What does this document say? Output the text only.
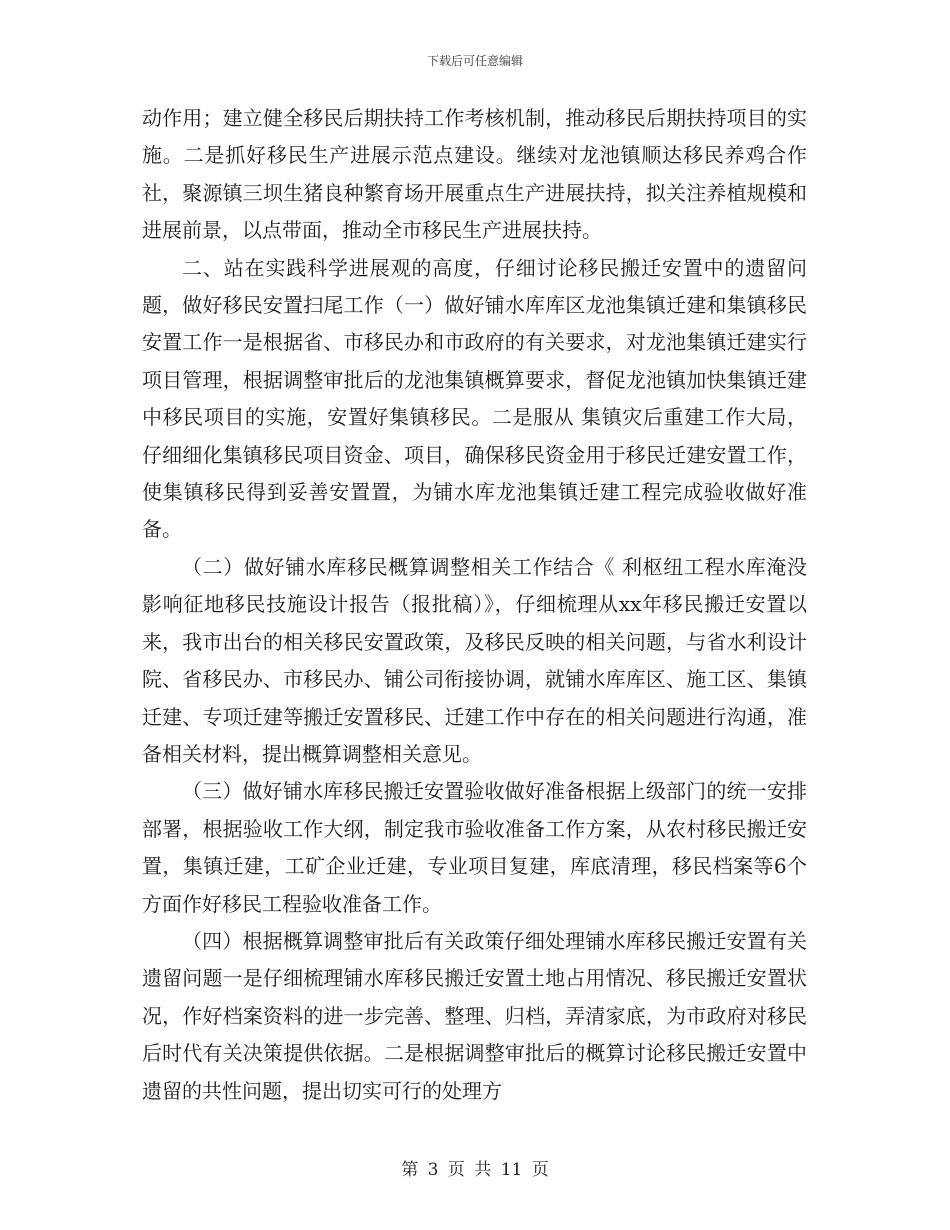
下载后可任意编辑

动作用；建立健全移民后期扶持工作考核机制，推动移民后期扶持项目的实施。二是抓好移民生产进展示范点建设。继续对龙池镇顺达移民养鸡合作社，聚源镇三坝生猪良种繁育场开展重点生产进展扶持，拟关注养植规模和进展前景，以点带面，推动全市移民生产进展扶持。

二、站在实践科学进展观的高度，仔细讨论移民搬迁安置中的遗留问题，做好移民安置扫尾工作（一）做好铺水库库区龙池集镇迁建和集镇移民安置工作一是根据省、市移民办和市政府的有关要求，对龙池集镇迁建实行项目管理，根据调整审批后的龙池集镇概算要求，督促龙池镇加快集镇迁建中移民项目的实施，安置好集镇移民。二是服从 集镇灾后重建工作大局，仔细细化集镇移民项目资金、项目，确保移民资金用于移民迁建安置工作，使集镇移民得到妥善安置置，为铺水库龙池集镇迁建工程完成验收做好准备。

（二）做好铺水库移民概算调整相关工作结合《 利枢纽工程水库淹没影响征地移民技施设计报告（报批稿）》，仔细梳理从xx年移民搬迁安置以来，我市出台的相关移民安置政策，及移民反映的相关问题，与省水利设计院、省移民办、市移民办、铺公司衔接协调，就铺水库库区、施工区、集镇迁建、专项迁建等搬迁安置移民、迁建工作中存在的相关问题进行沟通，准备相关材料，提出概算调整相关意见。

（三）做好铺水库移民搬迁安置验收做好准备根据上级部门的统一安排部署，根据验收工作大纲，制定我市验收准备工作方案，从农村移民搬迁安置，集镇迁建，工矿企业迁建，专业项目复建，库底清理，移民档案等6个方面作好移民工程验收准备工作。

（四）根据概算调整审批后有关政策仔细处理铺水库移民搬迁安置有关遗留问题一是仔细梳理铺水库移民搬迁安置土地占用情况、移民搬迁安置状况，作好档案资料的进一步完善、整理、归档，弄清家底，为市政府对移民后时代有关决策提供依据。二是根据调整审批后的概算讨论移民搬迁安置中遗留的共性问题，提出切实可行的处理方

第 3 页 共 11 页
